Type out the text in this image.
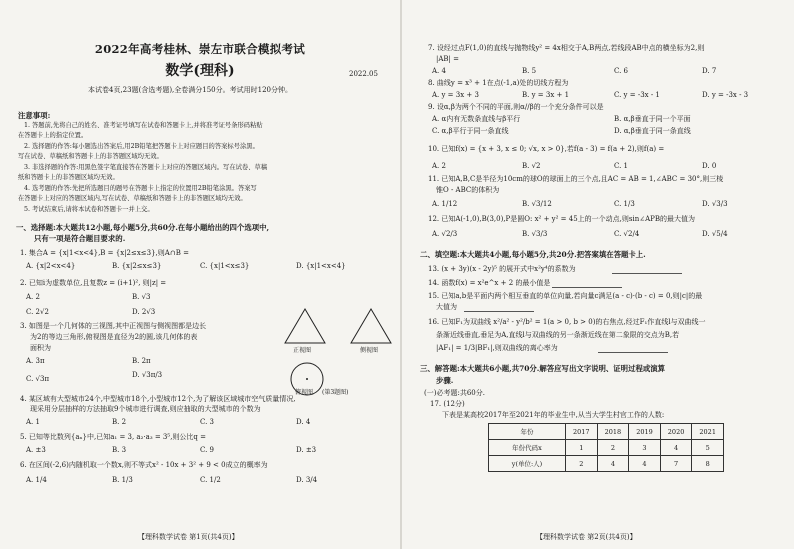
2022年高考桂林、崇左市联合模拟考试
数学(理科)	2022.05
本试卷4页,23题(含选考题),全卷满分150分。考试用时120分钟。
注意事项:
1. 答题前,先将自己的姓名、准考证号填写在试卷和答题卡上,并将准考证号条形码粘贴
在答题卡上的指定位置。
2. 选择题的作答:每小题选出答案后,用2B铅笔把答题卡上对应题目的答案标号涂黑。
写在试卷、草稿纸和答题卡上的非答题区域均无效。
3. 非选择题的作答:用黑色签字笔直接答在答题卡上对应的答题区域内。写在试卷、草稿
纸和答题卡上的非答题区域均无效。
4. 选考题的作答:先把所选题目的题号在答题卡上指定的位置用2B铅笔涂黑。答案写
在答题卡上对应的答题区域内,写在试卷、草稿纸和答题卡上的非答题区域均无效。
5. 考试结束后,请将本试卷和答题卡一并上交。
一、选择题:本大题共12小题,每小题5分,共60分.在每小题给出的四个选项中,
只有一项是符合题目要求的.
1. 集合A = {x|1<x<4},B = {x|2≤x≤3},则A∩B =
A. {x|2<x<4}	B. {x|2≤x≤3}	C. {x|1<x≤3}	D. {x|1<x<4}
2. 已知i为虚数单位,且复数z = (i+1)², 则|z| =
A. 2	B. √3
C. 2√2	D. 2√3
3. 如图是一个几何体的三视图,其中正视图与侧视图都是边长
为2的等边三角形,俯视图是直径为2的圆,该几何体的表
面积为
A. 3π	B. 2π
C. √3π	D. √3π/3
正视图	侧视图
俯视图 (第3题图)
4. 某区域有大型城市24个,中型城市18个,小型城市12个,为了解该区域城市空气质量情况,
现采用分层抽样的方法抽取9个城市进行调查,则应抽取的大型城市的个数为
A. 1	B. 2	C. 3	D. 4
5. 已知等比数列{aₙ}中,已知a₁ = 3, a₂·a₃ = 3⁵,则公比q =
A. ±3	B. 3	C. 9	D. ±3
6. 在区间(-2,6)内随机取一个数x,则不等式x² - 10x + 3² + 9 < 0成立的概率为
A. 1/4	B. 1/3	C. 1/2	D. 3/4
【理科数学试卷 第1页(共4页)】
7. 设经过点F(1,0)的直线与抛物线y² = 4x相交于A,B两点,若线段AB中点的横坐标为2,则
|AB| =
A. 4	B. 5	C. 6	D. 7
8. 曲线y = x³ + 1在点(-1,a)处的切线方程为
A. y = 3x + 3	B. y = 3x + 1	C. y = -3x - 1	D. y = -3x - 3
9. 设α,β为两个不同的平面,则α//β的一个充分条件可以是
A. α内有无数条直线与β平行	B. α,β垂直于同一个平面
C. α,β平行于同一条直线	D. α,β垂直于同一条直线
10. 已知f(x) = {x + 3, x ≤ 0; √x, x > 0},若f(a - 3) = f(a + 2),则f(a) =
A. 2	B. √2	C. 1	D. 0
11. 已知A,B,C是半径为10cm的球O的球面上的三个点,且AC = AB = 1,∠ABC = 30°,则三棱
锥O - ABC的体积为
A. 1/12	B. √3/12	C. 1/3	D. √3/3
12. 已知A(-1,0),B(3,0),P是圆O: x² + y² = 45上的一个动点,则sin∠APB的最大值为
A. √2/3	B. √3/3	C. √2/4	D. √5/4
二、填空题:本大题共4小题,每小题5分,共20分.把答案填在答题卡上.
13. (x + 3y)(x - 2y)⁵ 的展开式中x²y⁴的系数为
14. 函数f(x) = x²e^x + 2 的最小值是
15. 已知a,b是平面内两个相互垂直的单位向量,若向量c满足(a - c)·(b - c) = 0,则|c|的最
大值为
16. 已知F₁为双曲线 x²/a² - y²/b² = 1(a > 0, b > 0)的右焦点,经过F₁作直线l与双曲线一
条渐近线垂直,垂足为A,直线l与双曲线的另一条渐近线在第二象限的交点为B,若
|AF₁| = 1/3|BF₁|,则双曲线的离心率为
三、解答题:本大题共6小题,共70分.解答应写出文字说明、证明过程或演算
步骤.
(一)必考题:共60分.
17. (12分)
下表是某高校2017年至2021年的毕业生中,从当大学生村官工作的人数:
年份	2017	2018	2019	2020	2021
年份代码x	1	2	3	4	5
y(单位:人)	2	4	4	7	8
【理科数学试卷 第2页(共4页)】
